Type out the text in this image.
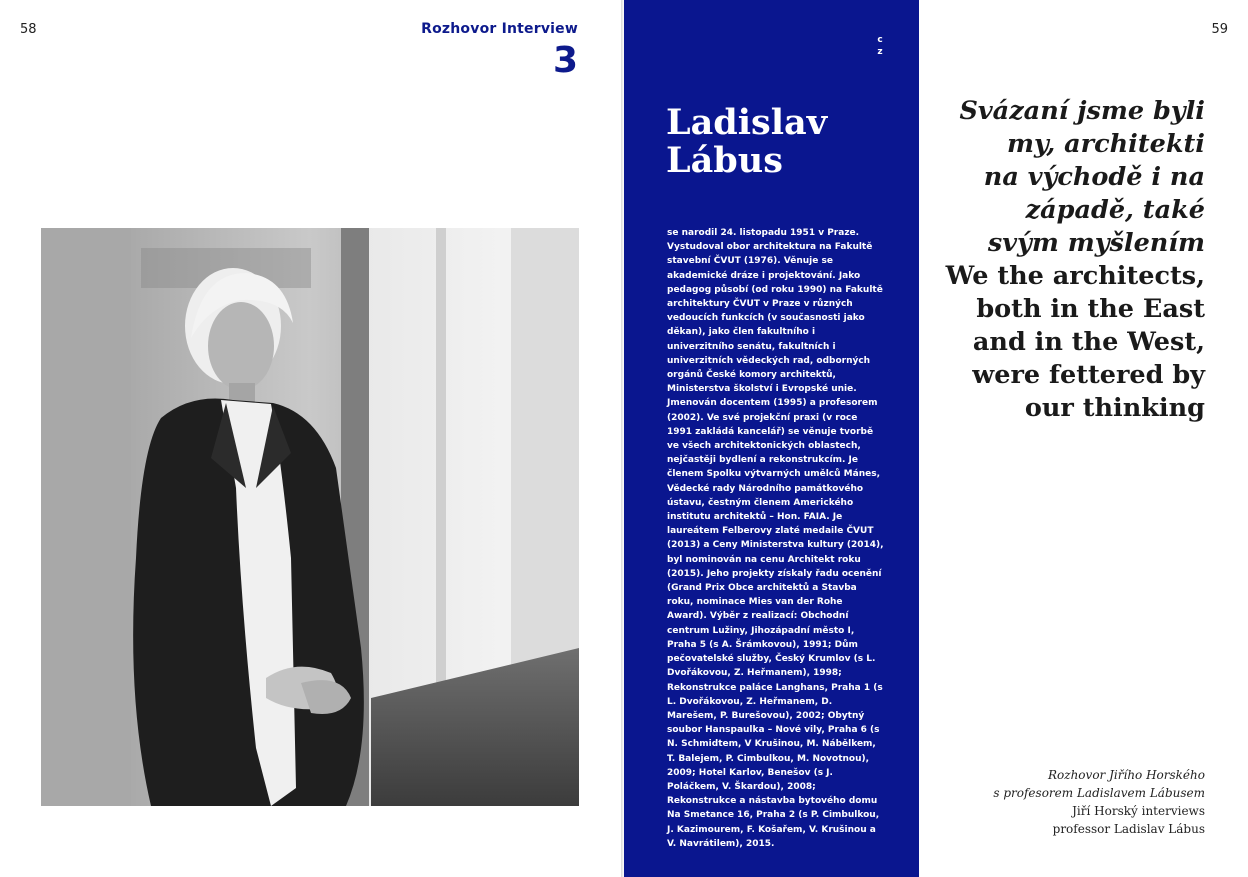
58	Rozhovor Interview
3	c
z
Ladislav
Lábus
se narodil 24. listopadu 1951 v Praze. Vystudoval obor architektura na Fakultě stavební ČVUT (1976). Věnuje se akademické dráze i projektování. Jako pedagog působí (od roku 1990) na Fakultě architektury ČVUT v Praze v různých vedoucích funkcích (v současnosti jako děkan), jako člen fakultního i univerzitního senátu, fakultních i univerzitních vědeckých rad, odborných orgánů České komory architektů, Ministerstva školství i Evropské unie. Jmenován docentem (1995) a profesorem (2002). Ve své projekční praxi (v roce 1991 zakládá kancelář) se věnuje tvorbě ve všech architektonických oblastech, nejčastěji bydlení a rekonstrukcím. Je členem Spolku výtvarných umělců Mánes, Vědecké rady Národního památkového ústavu, čestným členem Amerického institutu architektů – Hon. FAIA. Je laureátem Felberovy zlaté medaile ČVUT (2013) a Ceny Ministerstva kultury (2014), byl nominován na cenu Architekt roku (2015). Jeho projekty získaly řadu ocenění (Grand Prix Obce architektů a Stavba roku, nominace Mies van der Rohe Award). Výběr z realizací: Obchodní centrum Lužiny, Jihozápadní město I, Praha 5 (s A. Šrámkovou), 1991; Dům pečovatelské služby, Český Krumlov (s L. Dvořákovou, Z. Heřmanem), 1998; Rekonstrukce paláce Langhans, Praha 1 (s L. Dvořákovou, Z. Heřmanem, D. Marešem, P. Burešovou), 2002; Obytný soubor Hanspaulka – Nové vily, Praha 6 (s N. Schmidtem, V Krušinou, M. Nábělkem, T. Balejem, P. Cimbulkou, M. Novotnou), 2009; Hotel Karlov, Benešov (s J. Poláčkem, V. Škardou), 2008; Rekonstrukce a nástavba bytového domu Na Smetance 16, Praha 2 (s P. Cimbulkou, J. Kazimourem, F. Košařem, V. Krušinou a V. Navrátilem), 2015.
59

Svázaní jsme byli

my, architekti

na východě i na

západě, také

svým myšlením

We the architects,

both in the East

and in the West,

were fettered by

our thinking

Rozhovor Jiřího Horského

s profesorem Ladislavem Lábusem

Jiří Horský interviews

professor Ladislav Lábus
